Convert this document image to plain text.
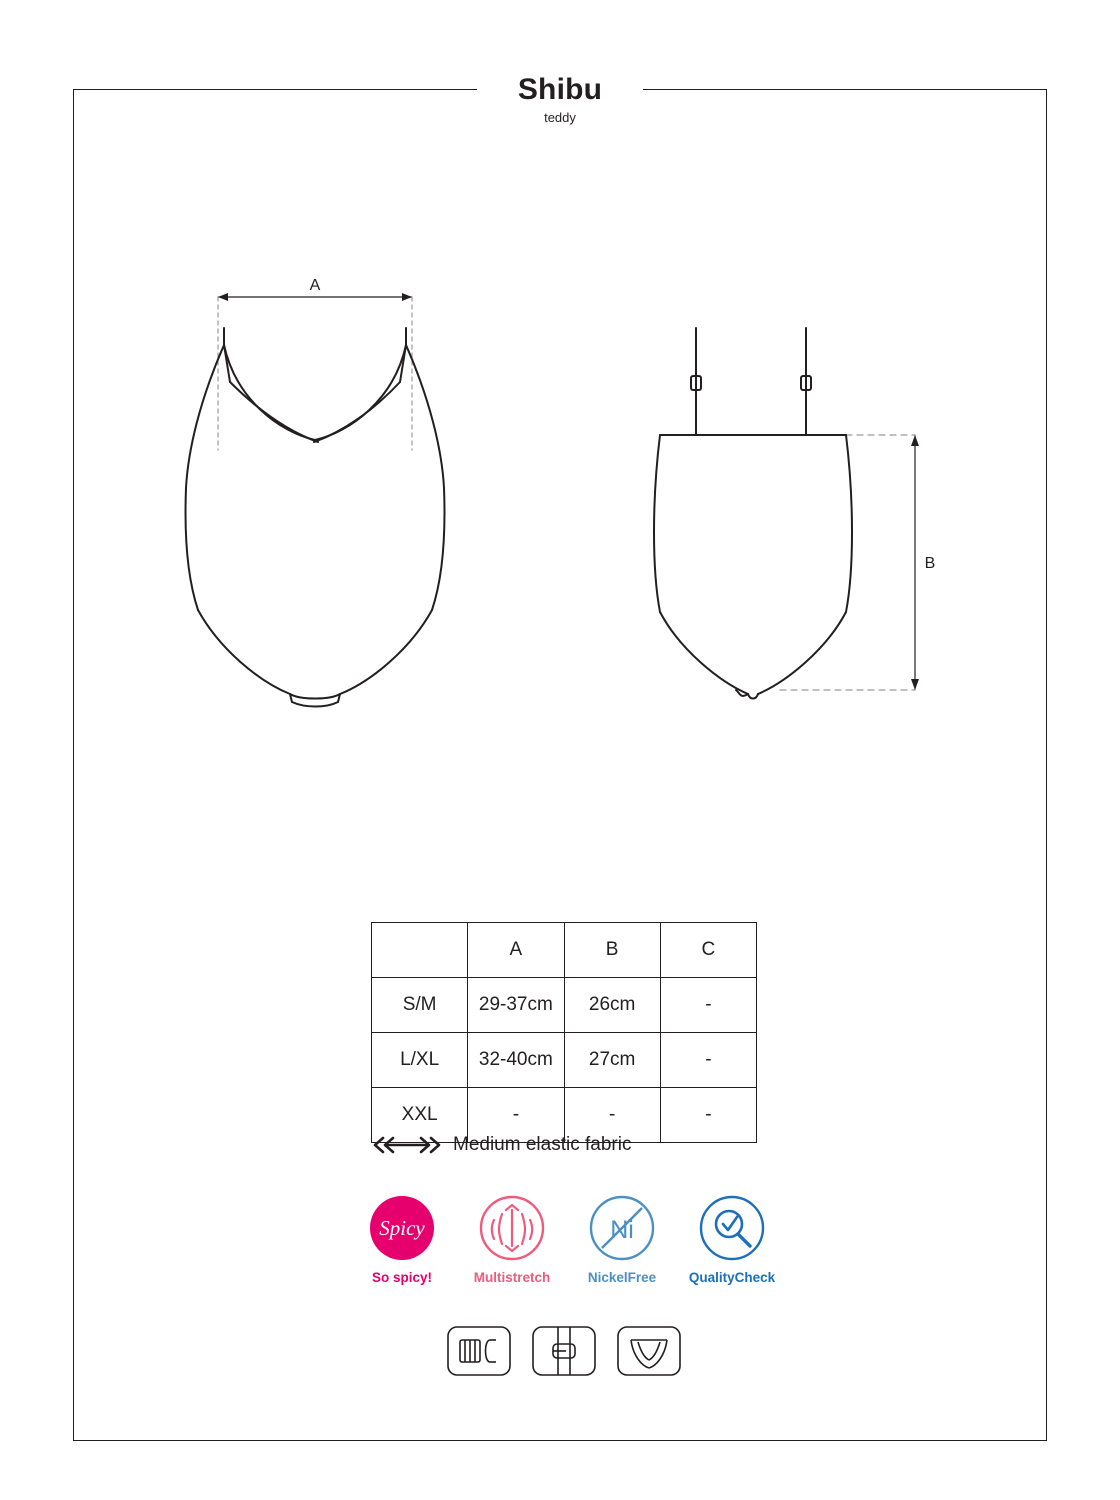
Shibu
teddy
A
B
	A	B	C
S/M	29-37cm	26cm	-
L/XL	32-40cm	27cm	-
XXL	-	-	-
Medium elastic fabric
Spicy
So spicy!	Multistretch
Ni
NickelFree	QualityCheck
